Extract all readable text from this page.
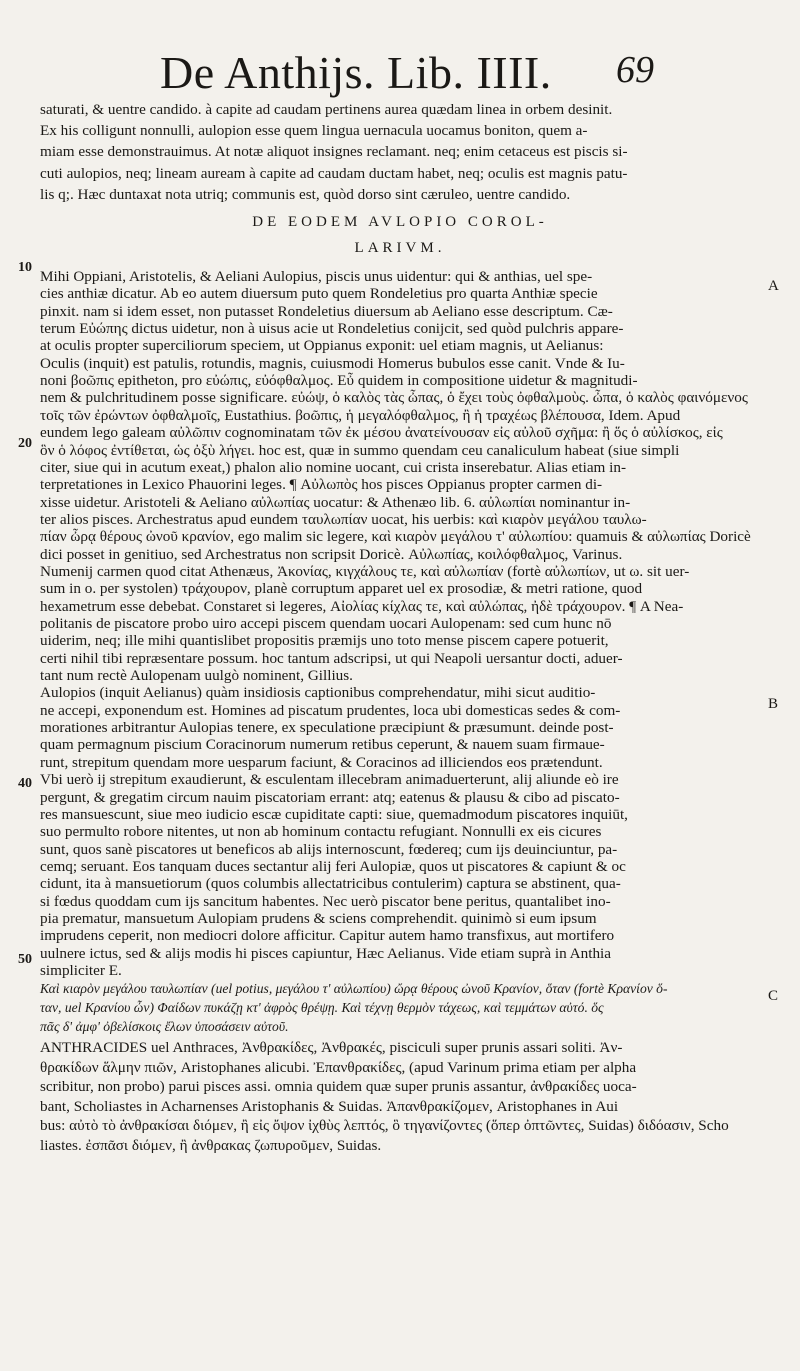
De Anthijs. Lib. IIII. 69
saturati, & uentre candido. à capite ad caudam pertinens aurea quædam linea in orbem desinit.
Ex his colligunt nonnulli, aulopion esse quem lingua uernacula uocamus boniton, quem a-
miam esse demonstrauimus. At notæ aliquot insignes reclamant. neq; enim cetaceus est piscis si-
cuti aulopios, neq; lineam auream à capite ad caudam ductam habet, neq; oculis est magnis patu-
lis q;. Hæc duntaxat nota utriq; communis est, quòd dorso sint cæruleo, uentre candido.
DE EODEM AVLOPIO COROL-
LARIVM.
Mihi Oppiani, Aristotelis, & Aeliani Aulopius, piscis unus uidentur: qui & anthias, uel spe-
cies anthiæ dicatur. Ab eo autem diuersum puto quem Rondeletius pro quarta Anthiæ specie
pinxit. nam si idem esset, non putasset Rondeletius diuersum ab Aeliano esse descriptum. Cæ-
terum Εὐώπης dictus uidetur, non à uisus acie ut Rondeletius conijcit, sed quòd pulchris appare-
at oculis propter superciliorum speciem, ut Oppianus exponit: uel etiam magnis, ut Aelianus:
Oculis (inquit) est patulis, rotundis, magnis, cuiusmodi Homerus bubulos esse canit. Vnde & Iu-
noni βοῶπις epitheton, pro εὐώπις, εὐόφθαλμος. Εὖ quidem in compositione uidetur & magnitudi-
nem & pulchritudinem posse significare. εὐώψ, ὁ καλὸς τὰς ὦπας, ὁ ἔχει τοὺς ὀφθαλμοὺς. ὦπα, ὁ καλὸς φαινόμενος
τοῖς τῶν ἐρώντων ὀφθαλμοῖς, Eustathius. βοῶπις, ἡ μεγαλόφθαλμος, ἢ ἡ τραχέως βλέπουσα, Idem. Apud
eundem lego galeam αὐλῶπιν cognominatam τῶν ἐκ μέσου ἀνατείνουσαν εἰς αὐλοῦ σχῆμα: ἢ ὅς ὁ αὐλίσκος, εἰς
ὃν ὁ λόφος ἐντίθεται, ὡς ὀξὺ λήγει. hoc est, quæ in summo quendam ceu canaliculum habeat (siue simpli
citer, siue qui in acutum exeat,) phalon alio nomine uocant, cui crista inserebatur. Alias etiam in-
terpretationes in Lexico Phauorini leges. ¶ Αὐλωπὸς hos pisces Oppianus propter carmen di-
xisse uidetur. Aristoteli & Aeliano αὐλωπίας uocatur: & Athenæo lib. 6. αὐλωπίαι nominantur in-
ter alios pisces. Archestratus apud eundem ταυλωπίαν uocat, his uerbis: καὶ κιαρὸν μεγάλου ταυλω-
πίαν ὦρᾳ θέρους ὠνοῦ κρανίον, ego malim sic legere, καὶ κιαρὸν μεγάλου τ' αὐλωπίου: quamuis & αὐλωπίας Doricè
dici posset in genitiuo, sed Archestratus non scripsit Doricè. Αὐλωπίας, κοιλόφθαλμος, Varinus.
Numenij carmen quod citat Athenæus, Ἀκονίας, κιγχάλους τε, καὶ αὐλωπίαν (fortè αὐλωπίων, ut ω. sit uer-
sum in ο. per systolen) τράχουρον, planè corruptum apparet uel ex prosodiæ, & metri ratione, quod
hexametrum esse debebat. Constaret si legeres, Αἰολίας κίχλας τε, καὶ αὐλώπας, ἠδὲ τράχουρον. ¶ A Nea-
politanis de piscatore probo uiro accepi piscem quendam uocari Aulopenam: sed cum hunc nō
uiderim, neq; ille mihi quantislibet propositis præmijs uno toto mense piscem capere potuerit,
certi nihil tibi repræsentare possum. hoc tantum adscripsi, ut qui Neapoli uersantur docti, aduer-
tant num rectè Aulopenam uulgò nominent, Gillius.
Aulopios (inquit Aelianus) quàm insidiosis captionibus comprehendatur, mihi sicut auditio-
ne accepi, exponendum est. Homines ad piscatum prudentes, loca ubi domesticas sedes & com-
morationes arbitrantur Aulopias tenere, ex speculatione præcipiunt & præsumunt. deinde post-
quam permagnum piscium Coracinorum numerum retibus ceperunt, & nauem suam firmaue-
runt, strepitum quendam more uesparum faciunt, & Coracinos ad illiciendos eos prætendunt.
Vbi uerò ij strepitum exaudierunt, & esculentam illecebram animaduerterunt, alij aliunde eò ire
pergunt, & gregatim circum nauim piscatoriam errant: atq; eatenus & plausu & cibo ad piscato-
res mansuescunt, siue meo iudicio escæ cupiditate capti: siue, quemadmodum piscatores inquiūt,
suo permulto robore nitentes, ut non ab hominum contactu refugiant. Nonnulli ex eis cicures
sunt, quos sanè piscatores ut beneficos ab alijs internoscunt, fœdereq; cum ijs deuinciuntur, pa-
cemq; seruant. Eos tanquam duces sectantur alij feri Aulopiæ, quos ut piscatores & capiunt & oc
cidunt, ita à mansuetiorum (quos columbis allectatricibus contulerim) captura se abstinent, qua-
si fœdus quoddam cum ijs sancitum habentes. Nec uerò piscator bene peritus, quantalibet ino-
pia prematur, mansuetum Aulopiam prudens & sciens comprehendit. quinimò si eum ipsum
imprudens ceperit, non mediocri dolore afficitur. Capitur autem hamo transfixus, aut mortifero
uulnere ictus, sed & alijs modis hi pisces capiuntur, Hæc Aelianus. Vide etiam suprà in Anthia
simpliciter E.
Καὶ κιαρὸν μεγάλου ταυλωπίαν (uel potius, μεγάλου τ' αὐλωπίου) ὤρᾳ θέρους ὠνοῦ Κρανίον, ὅταν (fortè Κρανίον ὅ-
ταν, uel Κρανίου ὦν) Φαίδων πυκάζῃ κτ' ἀφρὸς θρέψῃ. Καὶ τέχνῃ θερμὸν τάχεως, καὶ τεμμάτων αὐτό. ὅς
πᾶς δ' ἀμφ' ὀβελίσκοις ἔλων ὑποσάσειν αὐτοῦ.
10
20
40
50
A
B
C
ANTHRACIDES uel Anthraces, Ἀνθρακίδες, Ἀνθρακές, pisciculi super prunis assari soliti. Ἀν-
θρακίδων ἅλμην πιῶν, Aristophanes alicubi. Ἐπανθρακίδες, (apud Varinum prima etiam per alpha
scribitur, non probo) parui pisces assi. omnia quidem quæ super prunis assantur, ἀνθρακίδες uoca-
bant, Scholiastes in Acharnenses Aristophanis & Suidas. Ἀπανθρακίζομεν, Aristophanes in Aui
bus: αὐτὸ τὸ ἀνθρακίσαι διόμεν, ἢ εἰς ὄψον ἰχθὺς λεπτός, ὃ τηγανίζοντες (ὅπερ ὀπτῶντες, Suidas) διδόασιν, Scho
liastes. ἐσπᾶσι διόμεν, ἢ ἀνθρακας ζωπυροῦμεν, Suidas.
